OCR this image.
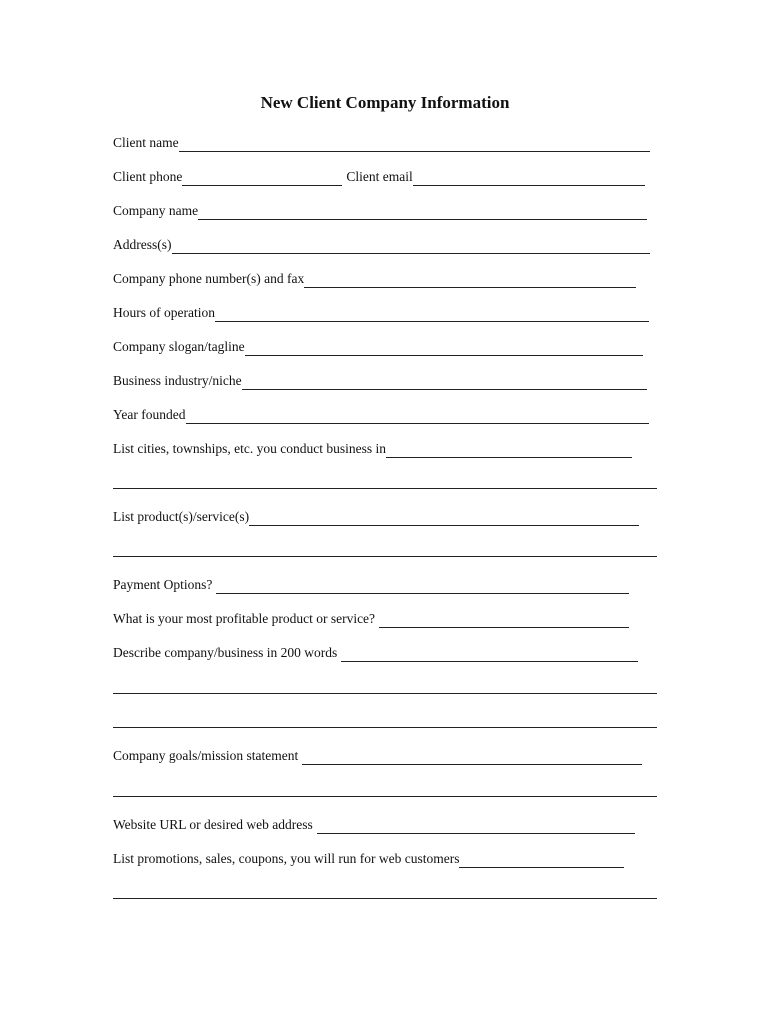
New Client Company Information
Client name
Client phone	Client email
Company name
Address(s)
Company phone number(s) and fax
Hours of operation
Company slogan/tagline
Business industry/niche
Year founded
List cities, townships, etc. you conduct business in
List product(s)/service(s)
Payment Options?
What is your most profitable product or service?
Describe company/business in 200 words
Company goals/mission statement
Website URL or desired web address
List promotions, sales, coupons, you will run for web customers
